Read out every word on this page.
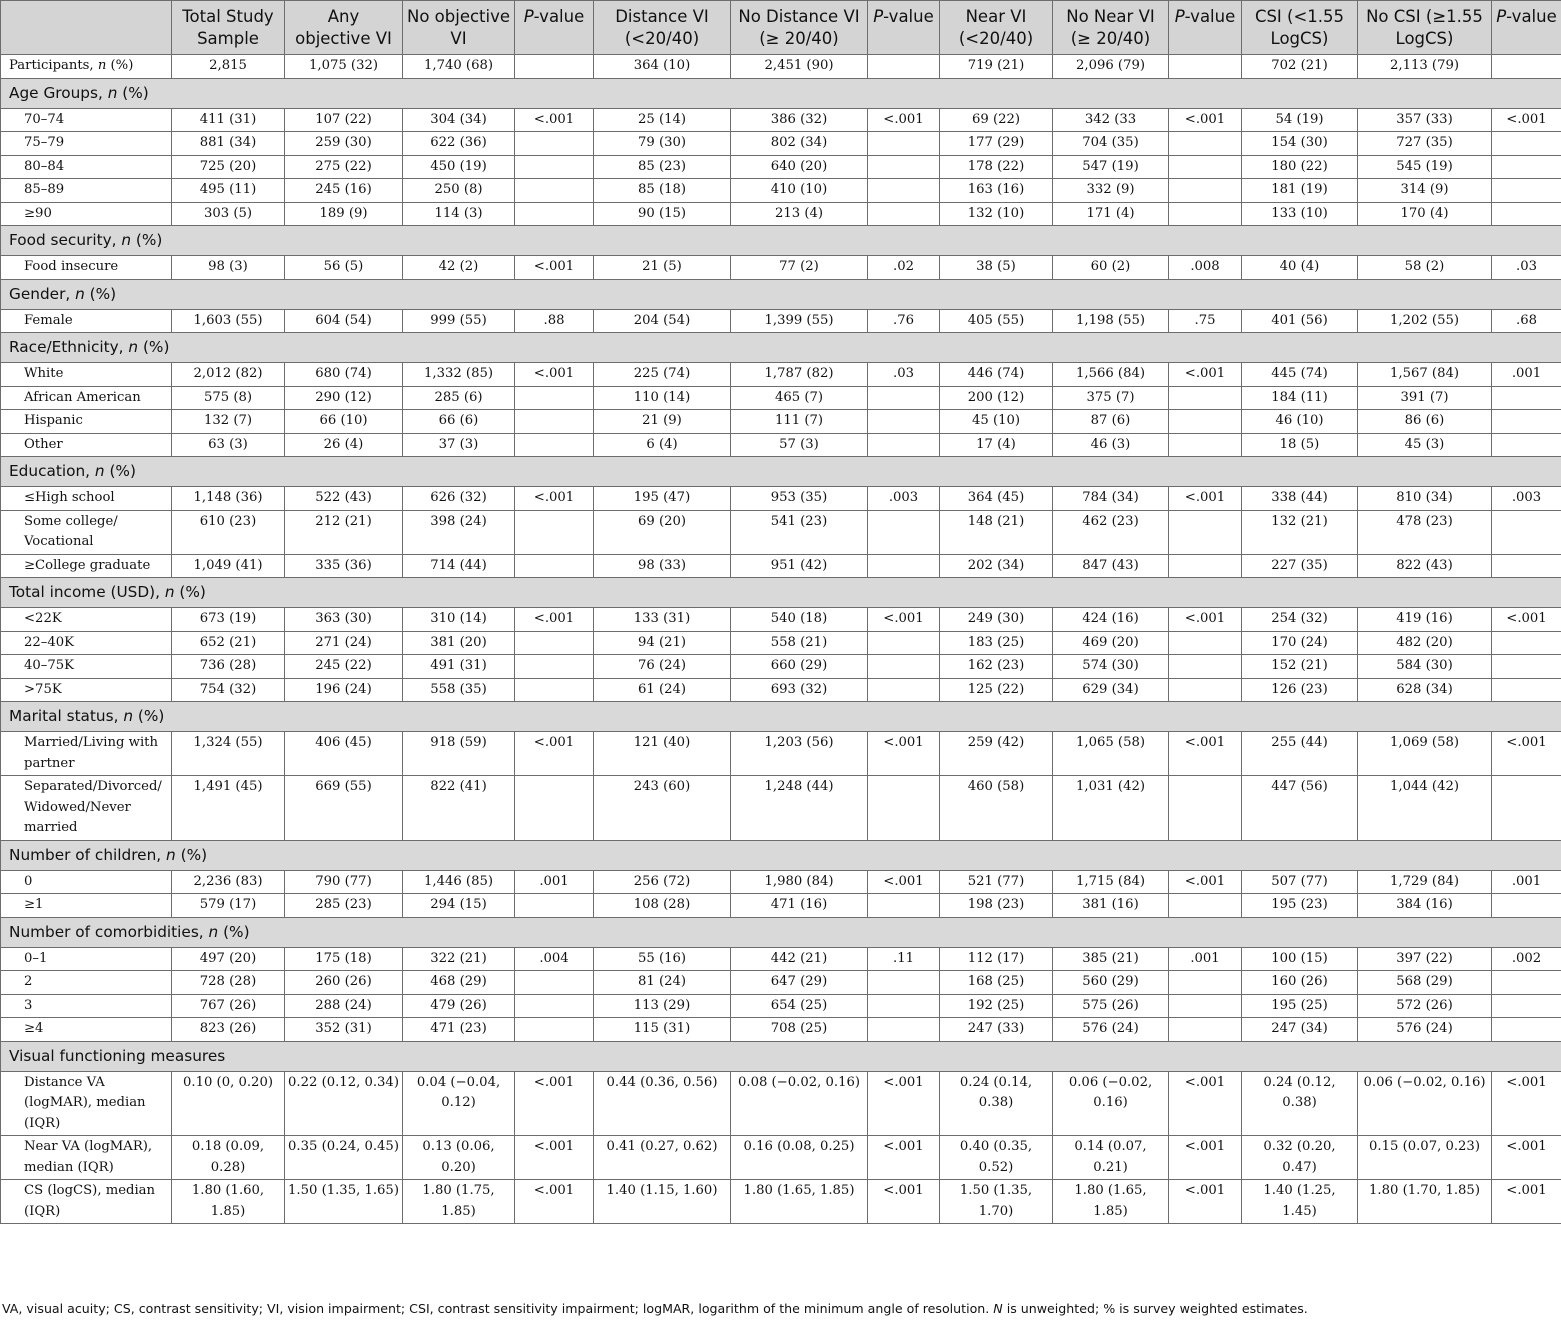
	Total Study Sample	Any objective VI	No objective VI	P-value	Distance VI (<20/40)	No Distance VI (≥ 20/40)	P-value	Near VI (<20/40)	No Near VI (≥ 20/40)	P-value	CSI (<1.55 LogCS)	No CSI (≥1.55 LogCS)	P-value
Participants, n (%)	2,815	1,075 (32)	1,740 (68)		364 (10)	2,451 (90)		719 (21)	2,096 (79)		702 (21)	2,113 (79)	
Age Groups, n (%)													
70–74	411 (31)	107 (22)	304 (34)	<.001	25 (14)	386 (32)	<.001	69 (22)	342 (33	<.001	54 (19)	357 (33)	<.001
75–79	881 (34)	259 (30)	622 (36)		79 (30)	802 (34)		177 (29)	704 (35)		154 (30)	727 (35)	
80–84	725 (20)	275 (22)	450 (19)		85 (23)	640 (20)		178 (22)	547 (19)		180 (22)	545 (19)	
85–89	495 (11)	245 (16)	250 (8)		85 (18)	410 (10)		163 (16)	332 (9)		181 (19)	314 (9)	
≥90	303 (5)	189 (9)	114 (3)		90 (15)	213 (4)		132 (10)	171 (4)		133 (10)	170 (4)	
Food security, n (%)													
Food insecure	98 (3)	56 (5)	42 (2)	<.001	21 (5)	77 (2)	.02	38 (5)	60 (2)	.008	40 (4)	58 (2)	.03
Gender, n (%)													
Female	1,603 (55)	604 (54)	999 (55)	.88	204 (54)	1,399 (55)	.76	405 (55)	1,198 (55)	.75	401 (56)	1,202 (55)	.68
Race/Ethnicity, n (%)													
White	2,012 (82)	680 (74)	1,332 (85)	<.001	225 (74)	1,787 (82)	.03	446 (74)	1,566 (84)	<.001	445 (74)	1,567 (84)	.001
African American	575 (8)	290 (12)	285 (6)		110 (14)	465 (7)		200 (12)	375 (7)		184 (11)	391 (7)	
Hispanic	132 (7)	66 (10)	66 (6)		21 (9)	111 (7)		45 (10)	87 (6)		46 (10)	86 (6)	
Other	63 (3)	26 (4)	37 (3)		6 (4)	57 (3)		17 (4)	46 (3)		18 (5)	45 (3)	
Education, n (%)													
≤High school	1,148 (36)	522 (43)	626 (32)	<.001	195 (47)	953 (35)	.003	364 (45)	784 (34)	<.001	338 (44)	810 (34)	.003
Some college/ Vocational	610 (23)	212 (21)	398 (24)		69 (20)	541 (23)		148 (21)	462 (23)		132 (21)	478 (23)	
≥College graduate	1,049 (41)	335 (36)	714 (44)		98 (33)	951 (42)		202 (34)	847 (43)		227 (35)	822 (43)	
Total income (USD), n (%)													
<22K	673 (19)	363 (30)	310 (14)	<.001	133 (31)	540 (18)	<.001	249 (30)	424 (16)	<.001	254 (32)	419 (16)	<.001
22–40K	652 (21)	271 (24)	381 (20)		94 (21)	558 (21)		183 (25)	469 (20)		170 (24)	482 (20)	
40–75K	736 (28)	245 (22)	491 (31)		76 (24)	660 (29)		162 (23)	574 (30)		152 (21)	584 (30)	
>75K	754 (32)	196 (24)	558 (35)		61 (24)	693 (32)		125 (22)	629 (34)		126 (23)	628 (34)	
Marital status, n (%)													
Married/Living with partner	1,324 (55)	406 (45)	918 (59)	<.001	121 (40)	1,203 (56)	<.001	259 (42)	1,065 (58)	<.001	255 (44)	1,069 (58)	<.001
Separated/Divorced/ Widowed/Never married	1,491 (45)	669 (55)	822 (41)		243 (60)	1,248 (44)		460 (58)	1,031 (42)		447 (56)	1,044 (42)	
Number of children, n (%)													
0	2,236 (83)	790 (77)	1,446 (85)	.001	256 (72)	1,980 (84)	<.001	521 (77)	1,715 (84)	<.001	507 (77)	1,729 (84)	.001
≥1	579 (17)	285 (23)	294 (15)		108 (28)	471 (16)		198 (23)	381 (16)		195 (23)	384 (16)	
Number of comorbidities, n (%)													
0–1	497 (20)	175 (18)	322 (21)	.004	55 (16)	442 (21)	.11	112 (17)	385 (21)	.001	100 (15)	397 (22)	.002
2	728 (28)	260 (26)	468 (29)		81 (24)	647 (29)		168 (25)	560 (29)		160 (26)	568 (29)	
3	767 (26)	288 (24)	479 (26)		113 (29)	654 (25)		192 (25)	575 (26)		195 (25)	572 (26)	
≥4	823 (26)	352 (31)	471 (23)		115 (31)	708 (25)		247 (33)	576 (24)		247 (34)	576 (24)	
Visual functioning measures													
Distance VA (logMAR), median (IQR)	0.10 (0, 0.20)	0.22 (0.12, 0.34)	0.04 (−0.04, 0.12)	<.001	0.44 (0.36, 0.56)	0.08 (−0.02, 0.16)	<.001	0.24 (0.14, 0.38)	0.06 (−0.02, 0.16)	<.001	0.24 (0.12, 0.38)	0.06 (−0.02, 0.16)	<.001
Near VA (logMAR), median (IQR)	0.18 (0.09, 0.28)	0.35 (0.24, 0.45)	0.13 (0.06, 0.20)	<.001	0.41 (0.27, 0.62)	0.16 (0.08, 0.25)	<.001	0.40 (0.35, 0.52)	0.14 (0.07, 0.21)	<.001	0.32 (0.20, 0.47)	0.15 (0.07, 0.23)	<.001
CS (logCS), median (IQR)	1.80 (1.60, 1.85)	1.50 (1.35, 1.65)	1.80 (1.75, 1.85)	<.001	1.40 (1.15, 1.60)	1.80 (1.65, 1.85)	<.001	1.50 (1.35, 1.70)	1.80 (1.65, 1.85)	<.001	1.40 (1.25, 1.45)	1.80 (1.70, 1.85)	<.001
VA, visual acuity; CS, contrast sensitivity; VI, vision impairment; CSI, contrast sensitivity impairment; logMAR, logarithm of the minimum angle of resolution. N is unweighted; % is survey weighted estimates.
